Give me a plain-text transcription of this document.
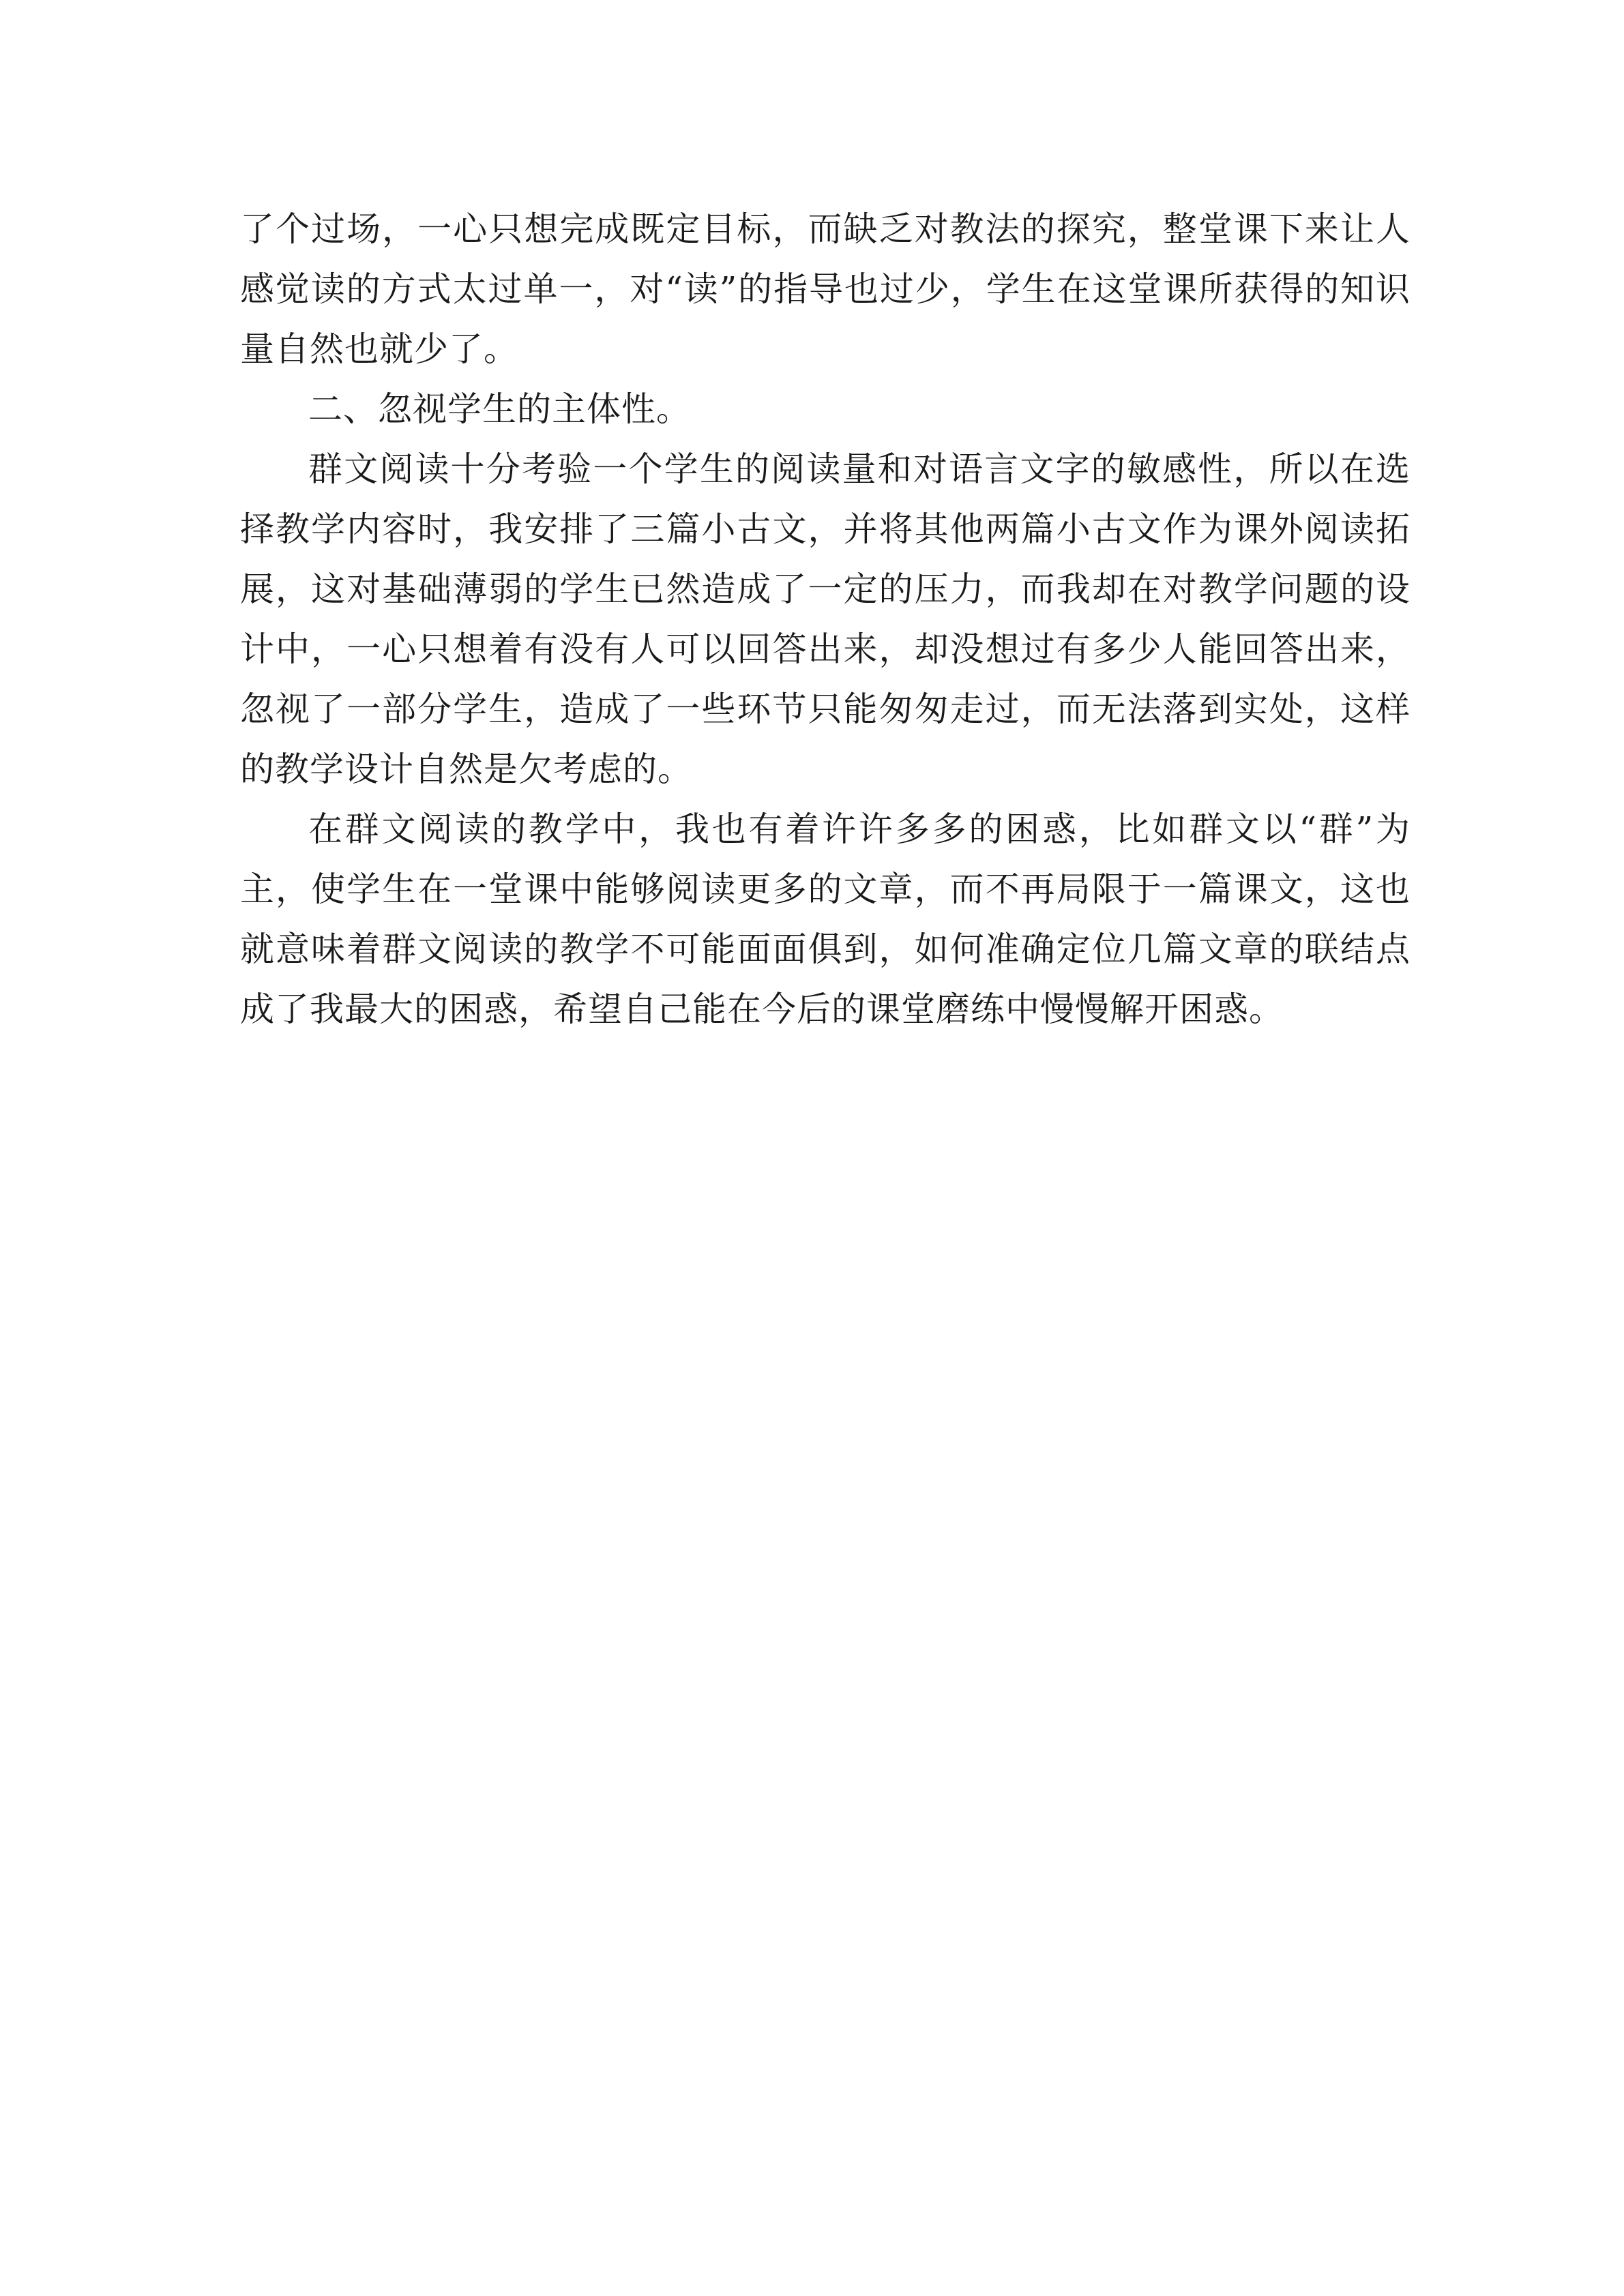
了个过场，一心只想完成既定目标，而缺乏对教法的探究，整堂课下来让人感觉读的方式太过单一，对“读”的指导也过少，学生在这堂课所获得的知识量自然也就少了。

二、忽视学生的主体性。

群文阅读十分考验一个学生的阅读量和对语言文字的敏感性，所以在选择教学内容时，我安排了三篇小古文，并将其他两篇小古文作为课外阅读拓展，这对基础薄弱的学生已然造成了一定的压力，而我却在对教学问题的设计中，一心只想着有没有人可以回答出来，却没想过有多少人能回答出来，忽视了一部分学生，造成了一些环节只能匆匆走过，而无法落到实处，这样的教学设计自然是欠考虑的。

在群文阅读的教学中，我也有着许许多多的困惑，比如群文以“群”为主，使学生在一堂课中能够阅读更多的文章，而不再局限于一篇课文，这也就意味着群文阅读的教学不可能面面俱到，如何准确定位几篇文章的联结点成了我最大的困惑，希望自己能在今后的课堂磨练中慢慢解开困惑。
